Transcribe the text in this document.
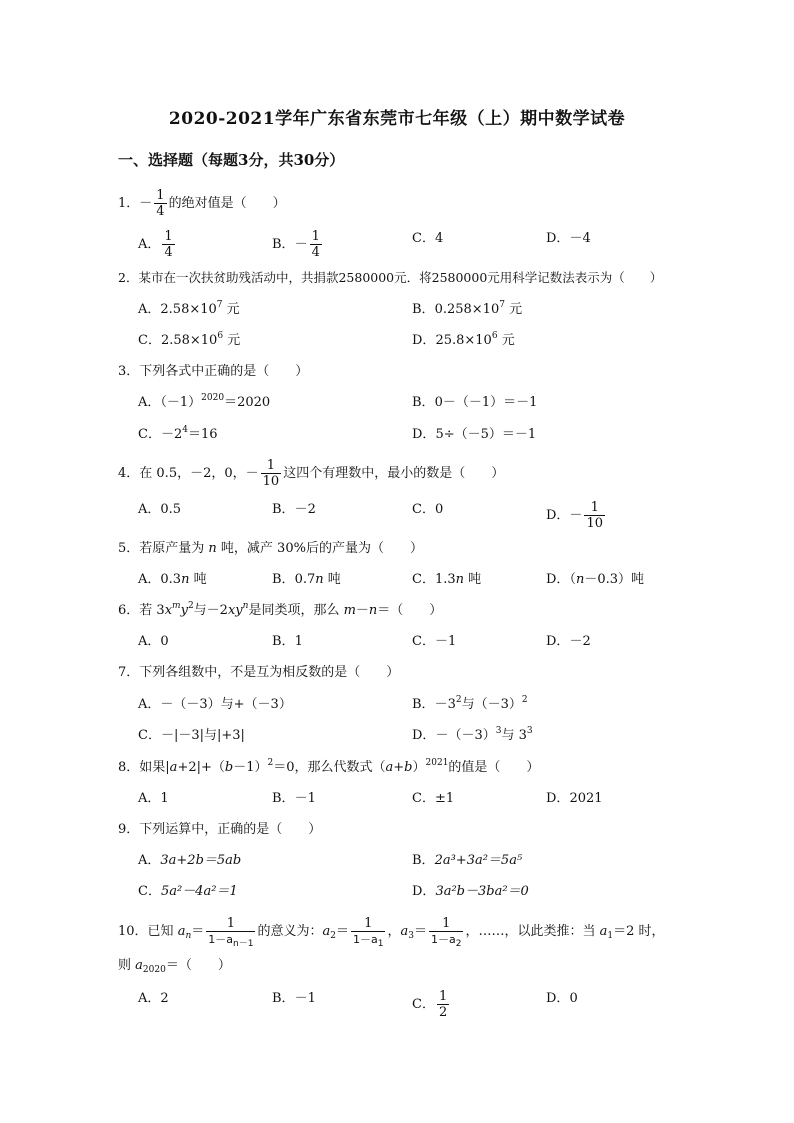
2020-2021学年广东省东莞市七年级（上）期中数学试卷
一、选择题（每题3分，共30分）
1．－ $\frac{1}{4}$ 的绝对值是（　　）
A． $\frac{1}{4}$	B．－ $\frac{1}{4}$	C．4	D．－4
2．某市在一次扶贫助残活动中，共捐款2580000元．将2580000元用科学记数法表示为（　　）
A．$2.58\times 10^7$ 元	B．$0.258\times 10^7$ 元
C．$2.58\times 10^6$ 元	D．$25.8\times 10^6$ 元
3．下列各式中正确的是（　　）
A．$(-1)^{2020}=2020$	B．0－（－1）＝－1
C．$-2^4=16$	D．5÷（－5）＝－1
4．在 0.5，－2，0，－ $\frac{1}{10}$ 这四个有理数中，最小的数是（　　）
A．0.5	B．－2	C．0	D．－ $\frac{1}{10}$
5．若原产量为 n 吨，减产 30%后的产量为（　　）
A．0.3n 吨	B．0.7n 吨	C．1.3n 吨	D．（n－0.3）吨
6．若 $3x^my^2$与$-2xy^n$是同类项，那么 m－n＝（　　）
A．0	B．1	C．－1	D．－2
7．下列各组数中，不是互为相反数的是（　　）
A．－（－3）与+（－3）	B．$-3^2$与$(-3)^2$
C．－|－3|与|+3|	D．$-(-3)^3$与 $3^3$
8．如果$|a+2|+(b-1)^2=0$，那么代数式$(a+b)^{2021}$的值是（　　）
A．1	B．－1	C．±1	D．2021
9．下列运算中，正确的是（　　）
A．3a+2b＝5ab	B．2a³+3a²＝5a⁵
C．5a²－4a²＝1	D．3a²b－3ba²＝0
10．已知 $a_n= \frac{1}{1-a_{n-1}}$ 的意义为：$a_2= \frac{1}{1-a_1}$ ，$a_3= \frac{1}{1-a_2}$ ，……，以此类推：当 $a_1=2$ 时，
则 $a_{2020}=$（　　）
A．2	B．－1	C． $\frac{1}{2}$	D．0
